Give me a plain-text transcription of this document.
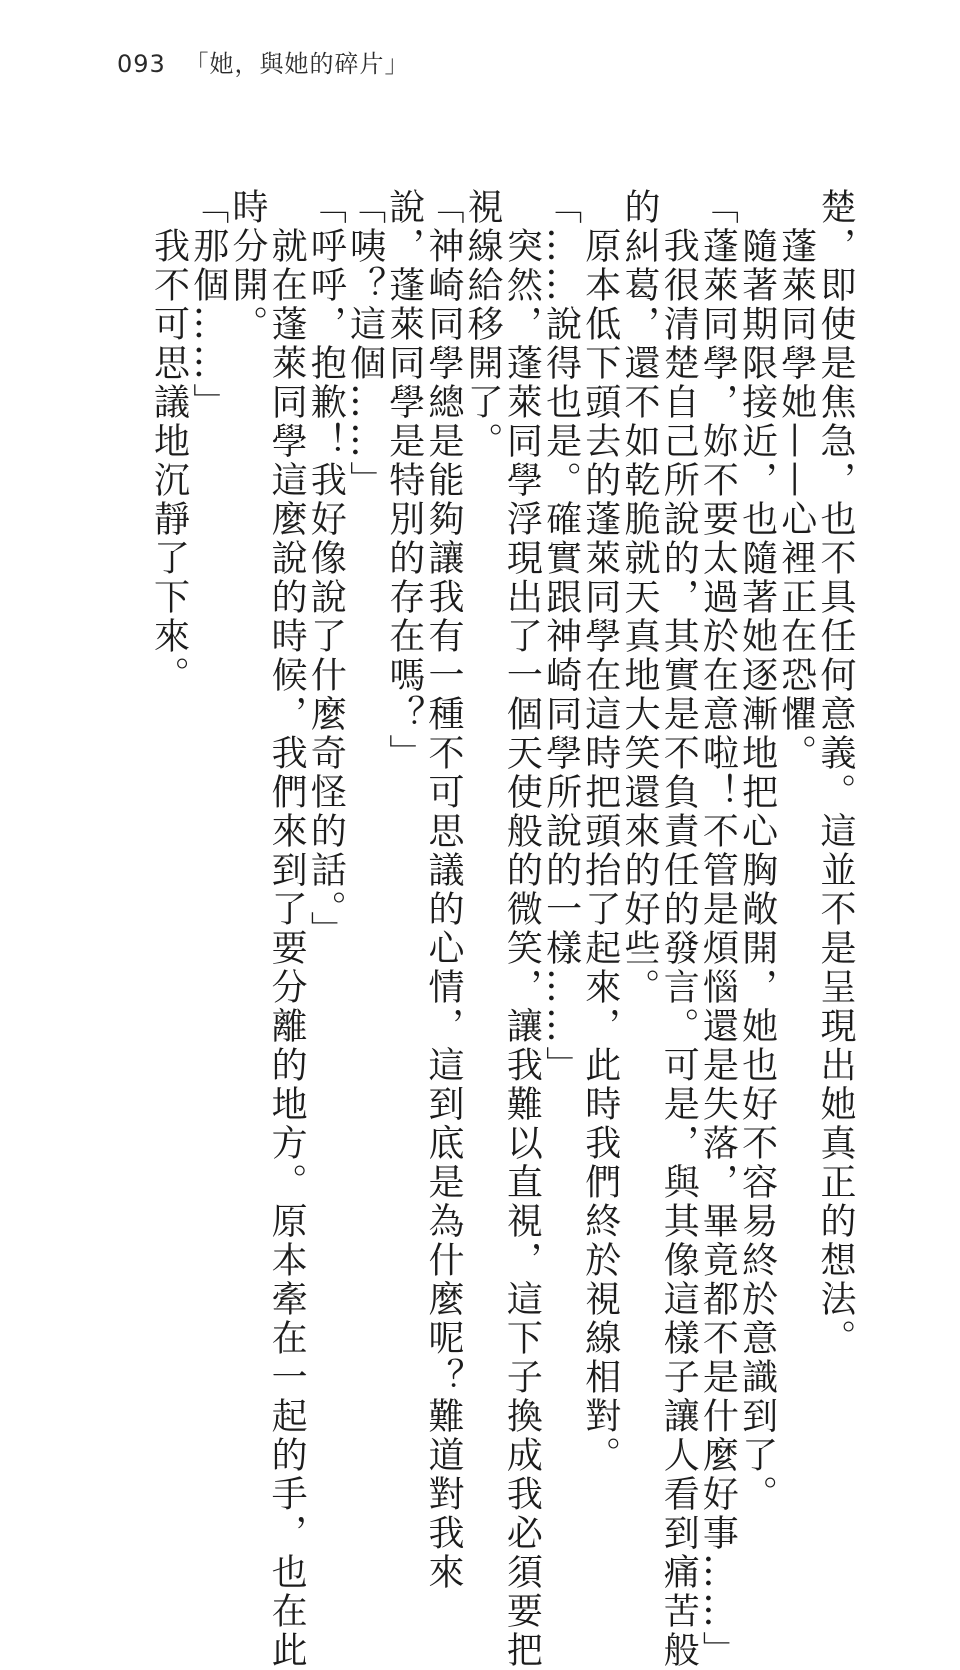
093 「她，與她的碎片」
楚，即使是焦急，也不具任何意義。這並不是呈現出她真正的想法。
　蓬萊同學她——心裡正在恐懼。
　隨著期限接近，也隨著她逐漸地把心胸敞開，她也好不容易終於意識到了。
「蓬萊同學，妳不要太過於在意啦！不管是煩惱還是失落，畢竟都不是什麼好事……」
　我很清楚自己所說的，其實是不負責任的發言。可是，與其像這樣子讓人看到痛苦般
的糾葛，還不如乾脆就天真地大笑還來的好些。
　原本低下頭去的蓬萊同學在這時把頭抬了起來，此時我們終於視線相對。
「……說得也是。確實跟神崎同學所說的一樣……」
　突然，蓬萊同學浮現出了一個天使般的微笑，讓我難以直視，這下子換成我必須要把
視線給移開了。
「神崎同學總是能夠讓我有一種不可思議的心情，這到底是為什麼呢？難道對我來
說，蓬萊同學是特別的存在嗎？」
「咦？這個……」
「呼呼，抱歉！我好像說了什麼奇怪的話。」
　就在蓬萊同學這麼說的時候，我們來到了要分離的地方。原本牽在一起的手，也在此
時分開。
「那個……」
　我不可思議地沉靜了下來。
